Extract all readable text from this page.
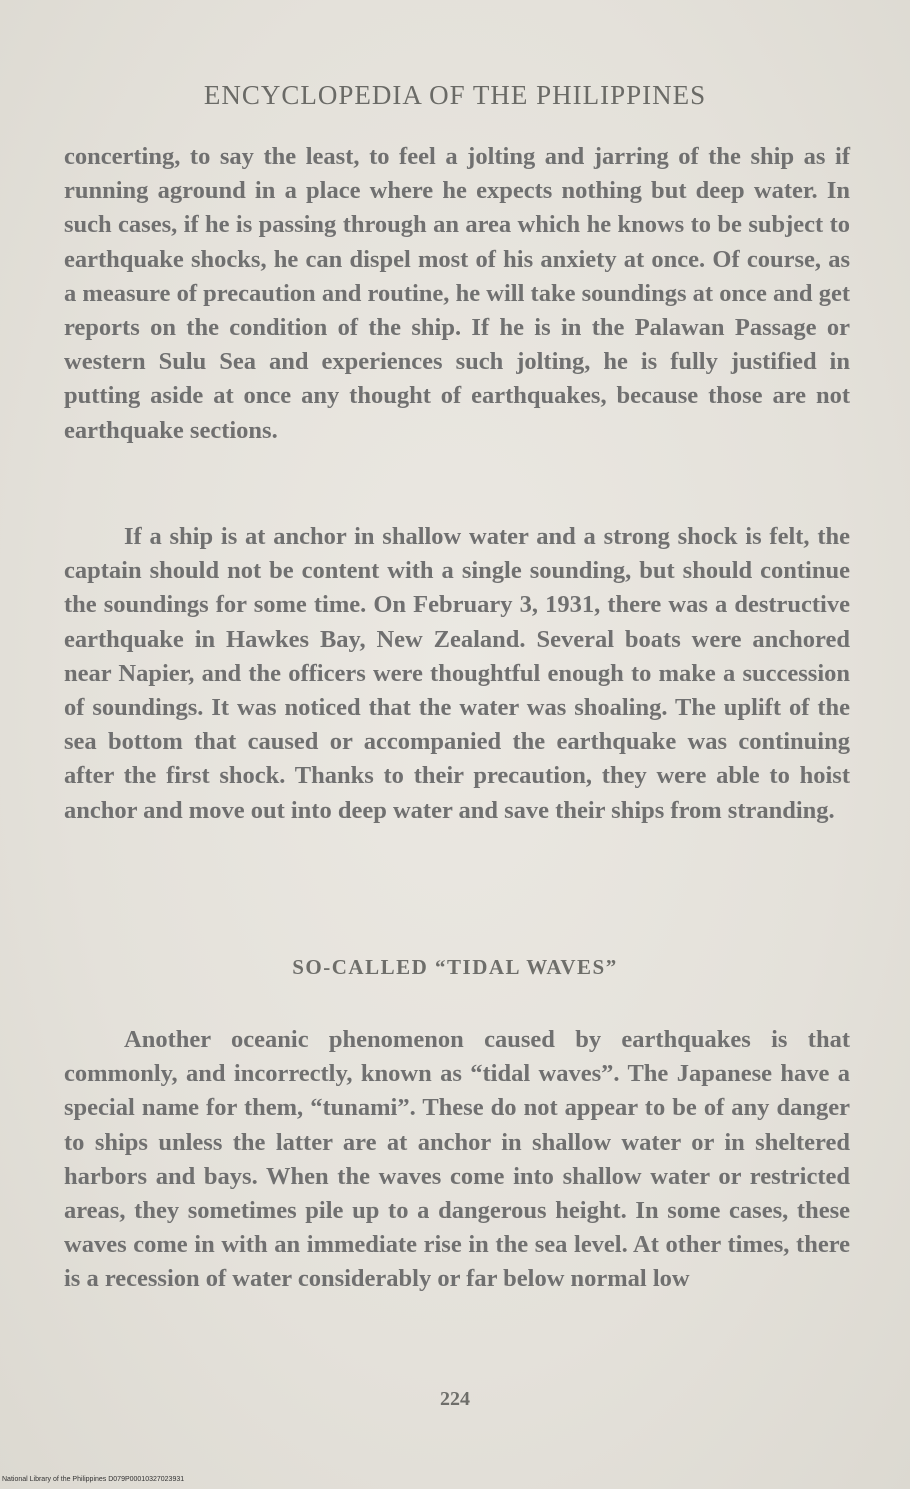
ENCYCLOPEDIA OF THE PHILIPPINES

concerting, to say the least, to feel a jolting and jarring of the ship as if running aground in a place where he expects nothing but deep water. In such cases, if he is passing through an area which he knows to be subject to earthquake shocks, he can dispel most of his anxiety at once. Of course, as a measure of precaution and routine, he will take soundings at once and get reports on the condition of the ship. If he is in the Palawan Passage or western Sulu Sea and experiences such jolting, he is fully justified in putting aside at once any thought of earthquakes, because those are not earthquake sections.

If a ship is at anchor in shallow water and a strong shock is felt, the captain should not be content with a single sounding, but should continue the soundings for some time. On February 3, 1931, there was a destructive earthquake in Hawkes Bay, New Zealand. Several boats were anchored near Napier, and the officers were thoughtful enough to make a succession of soundings. It was noticed that the water was shoaling. The uplift of the sea bottom that caused or accompanied the earthquake was continuing after the first shock. Thanks to their precaution, they were able to hoist anchor and move out into deep water and save their ships from stranding.

SO-CALLED “TIDAL WAVES”

Another oceanic phenomenon caused by earthquakes is that commonly, and incorrectly, known as “tidal waves”. The Japanese have a special name for them, “tunami”. These do not appear to be of any danger to ships unless the latter are at anchor in shallow water or in sheltered harbors and bays. When the waves come into shallow water or restricted areas, they sometimes pile up to a dangerous height. In some cases, these waves come in with an immediate rise in the sea level. At other times, there is a recession of water considerably or far below normal low

224
National Library of the Philippines D079P00010327023931
